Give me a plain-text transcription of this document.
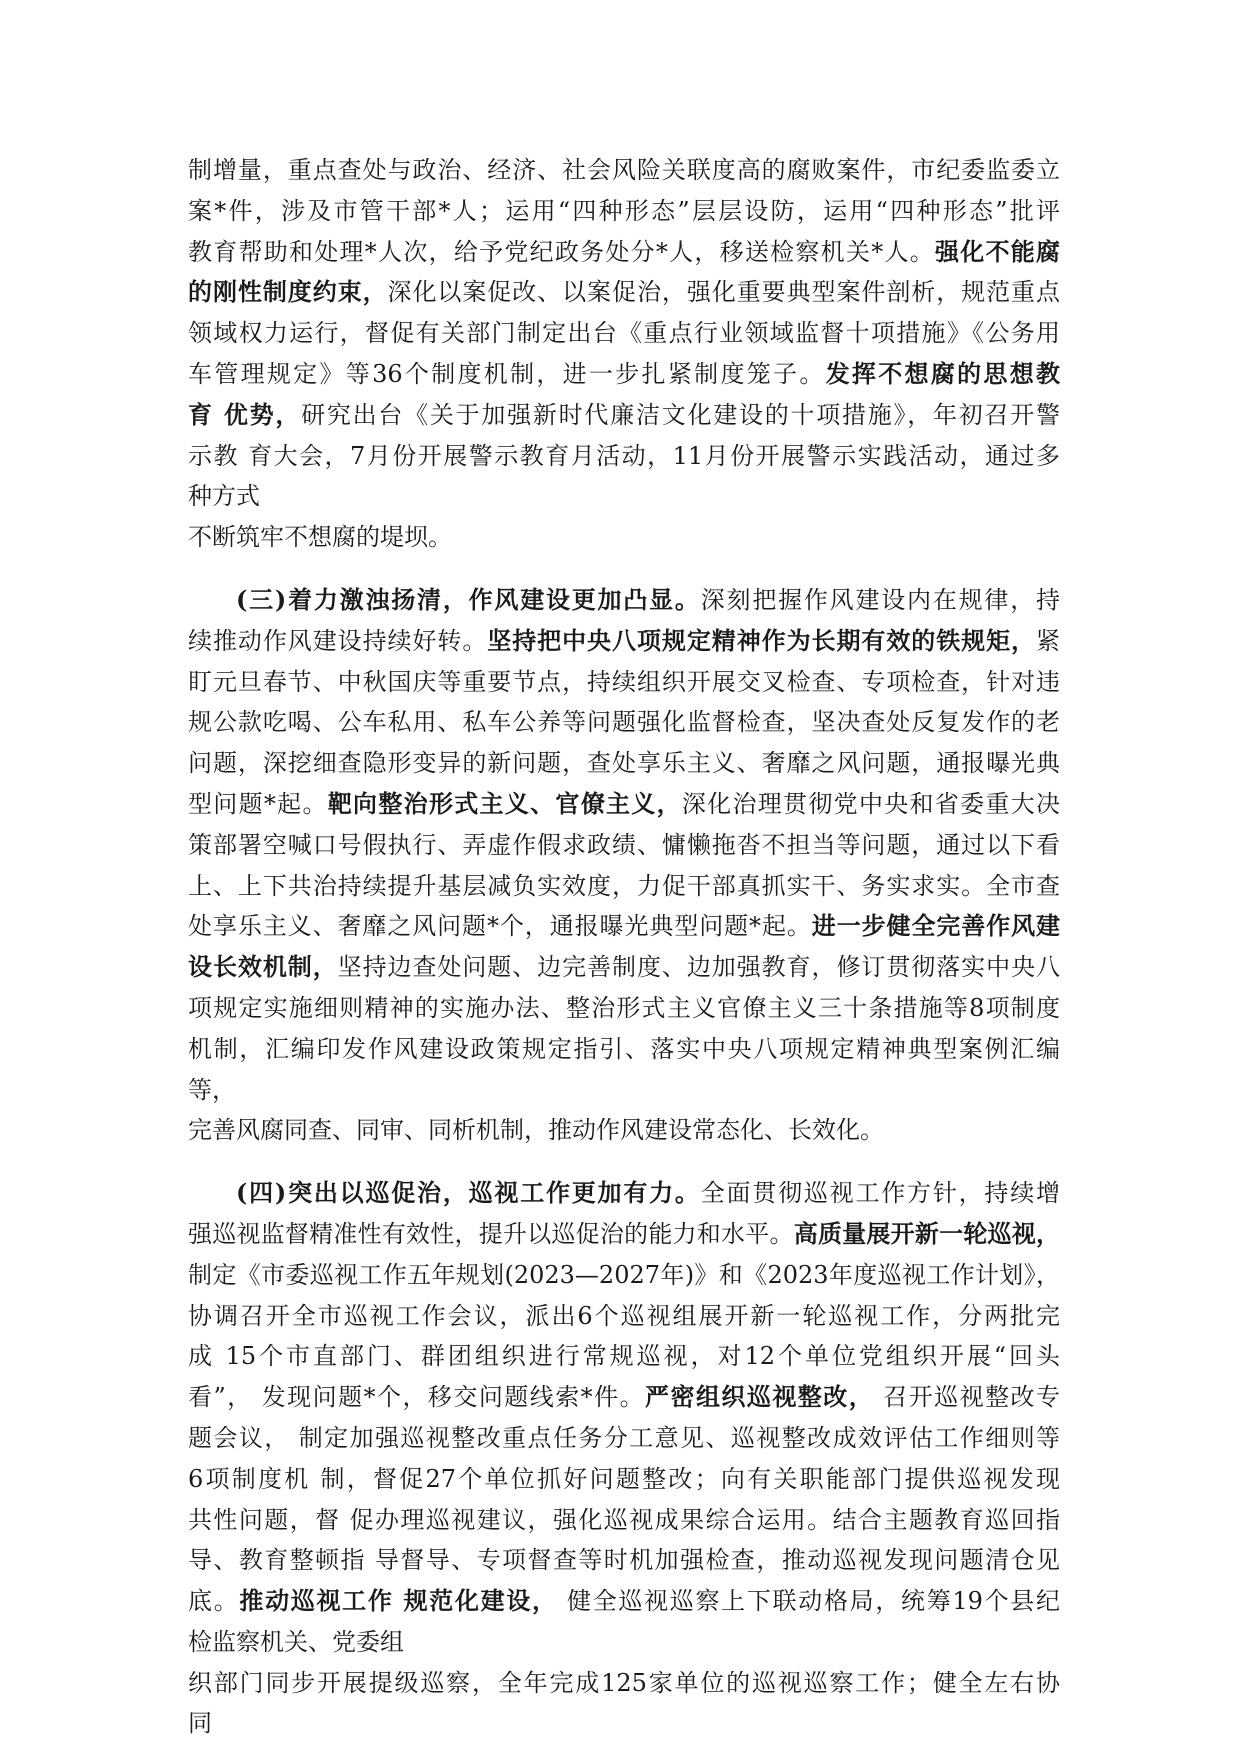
制增量，重点查处与政治、经济、社会风险关联度高的腐败案件，市纪委监委立
案*件，涉及市管干部*人；运用“四种形态”层层设防，运用“四种形态”批评
教育帮助和处理*人次，给予党纪政务处分*人，移送检察机关*人。强化不能腐
的刚性制度约束，深化以案促改、以案促治，强化重要典型案件剖析，规范重点
领域权力运行，督促有关部门制定出台《重点行业领域监督十项措施》《公务用
车管理规定》等36个制度机制，进一步扎紧制度笼子。发挥不想腐的思想教
育 优势，研究出台《关于加强新时代廉洁文化建设的十项措施》，年初召开警
示教 育大会，7月份开展警示教育月活动，11月份开展警示实践活动，通过多
种方式
不断筑牢不想腐的堤坝。
(三)着力激浊扬清，作风建设更加凸显。深刻把握作风建设内在规律，持
续推动作风建设持续好转。坚持把中央八项规定精神作为长期有效的铁规矩，紧
盯元旦春节、中秋国庆等重要节点，持续组织开展交叉检查、专项检查，针对违
规公款吃喝、公车私用、私车公养等问题强化监督检查，坚决查处反复发作的老
问题，深挖细查隐形变异的新问题，查处享乐主义、奢靡之风问题，通报曝光典
型问题*起。靶向整治形式主义、官僚主义，深化治理贯彻党中央和省委重大决
策部署空喊口号假执行、弄虚作假求政绩、慵懒拖沓不担当等问题，通过以下看
上、上下共治持续提升基层减负实效度，力促干部真抓实干、务实求实。全市查
处享乐主义、奢靡之风问题*个，通报曝光典型问题*起。进一步健全完善作风建
设长效机制，坚持边查处问题、边完善制度、边加强教育，修订贯彻落实中央八
项规定实施细则精神的实施办法、整治形式主义官僚主义三十条措施等8项制度
机制，汇编印发作风建设政策规定指引、落实中央八项规定精神典型案例汇编
等，
完善风腐同查、同审、同析机制，推动作风建设常态化、长效化。
(四)突出以巡促治，巡视工作更加有力。全面贯彻巡视工作方针，持续增
强巡视监督精准性有效性，提升以巡促治的能力和水平。高质量展开新一轮巡视，
制定《市委巡视工作五年规划(2023—2027年)》和《2023年度巡视工作计划》，
协调召开全市巡视工作会议，派出6个巡视组展开新一轮巡视工作，分两批完
成 15个市直部门、群团组织进行常规巡视，对12个单位党组织开展“回头
看”， 发现问题*个，移交问题线索*件。严密组织巡视整改， 召开巡视整改专
题会议， 制定加强巡视整改重点任务分工意见、巡视整改成效评估工作细则等
6项制度机 制，督促27个单位抓好问题整改；向有关职能部门提供巡视发现
共性问题，督 促办理巡视建议，强化巡视成果综合运用。结合主题教育巡回指
导、教育整顿指 导督导、专项督查等时机加强检查，推动巡视发现问题清仓见
底。推动巡视工作 规范化建设， 健全巡视巡察上下联动格局，统筹19个县纪
检监察机关、党委组
织部门同步开展提级巡察，全年完成125家单位的巡视巡察工作；健全左右协
同
